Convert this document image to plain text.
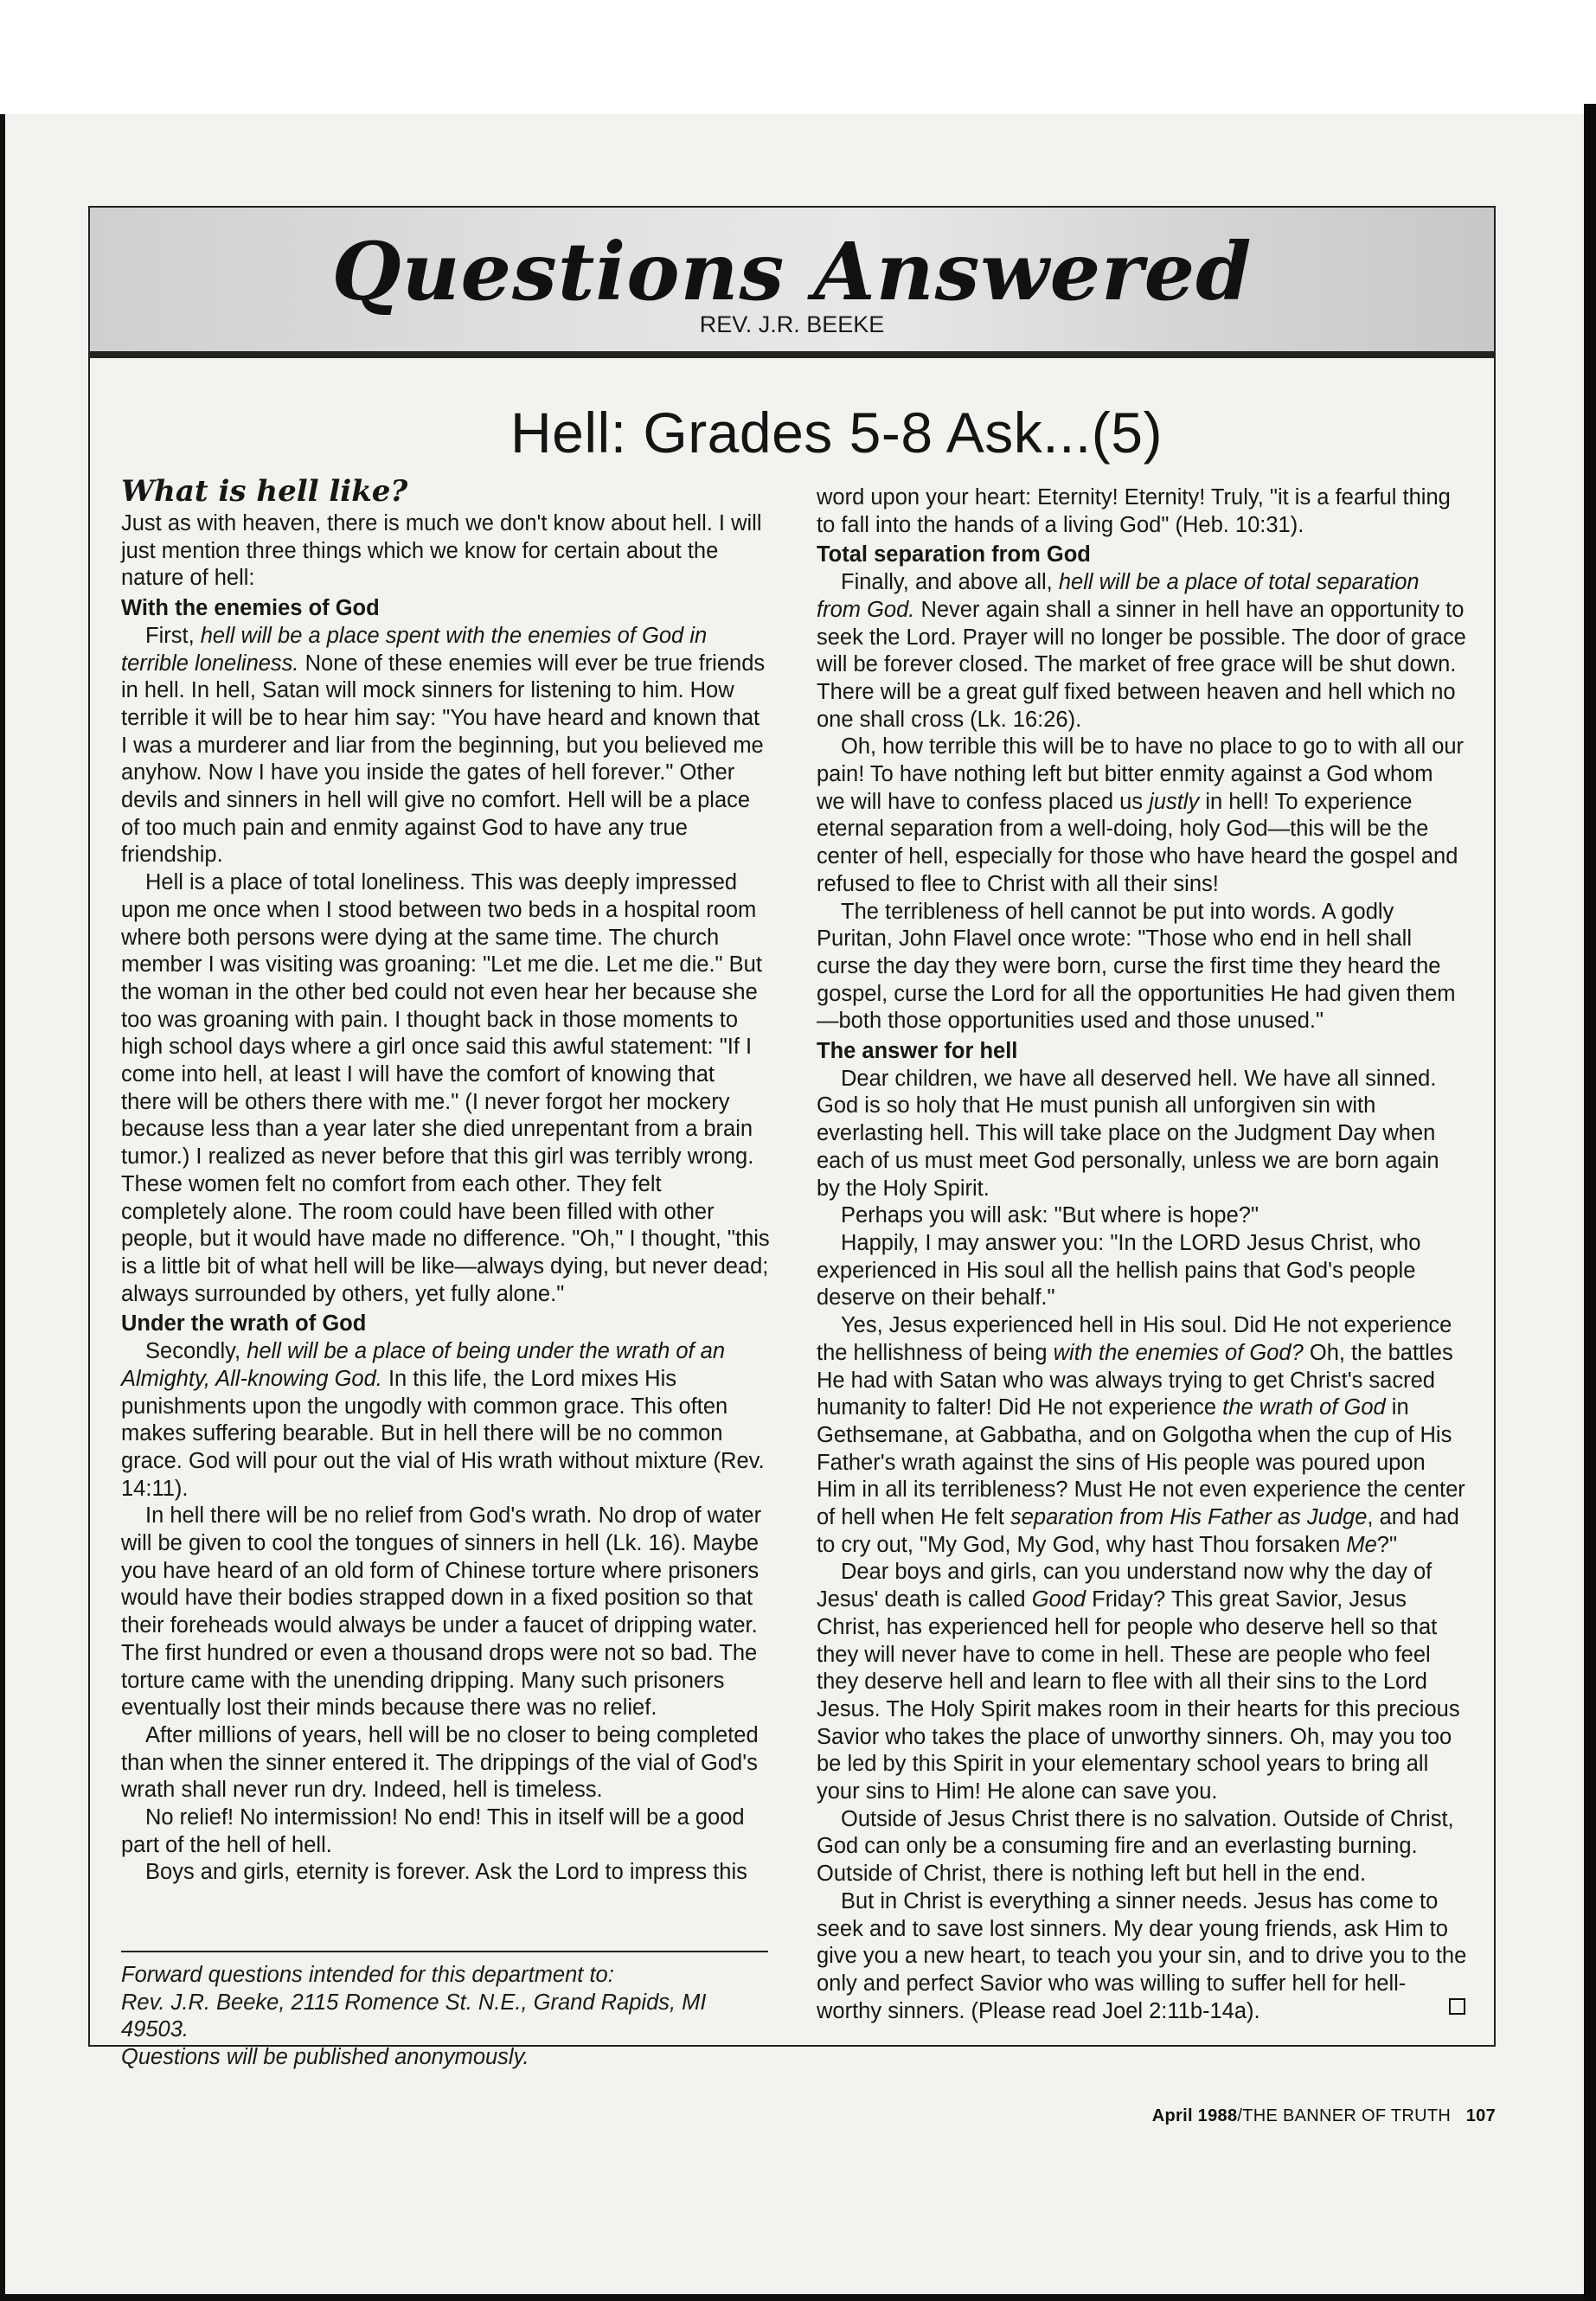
Questions Answered
REV. J.R. BEEKE
Hell: Grades 5-8 Ask...(5)
What is hell like?

Just as with heaven, there is much we don't know about hell. I will just mention three things which we know for certain about the nature of hell:

With the enemies of God

First, hell will be a place spent with the enemies of God in terrible loneliness. None of these enemies will ever be true friends in hell. In hell, Satan will mock sinners for listening to him. How terrible it will be to hear him say: "You have heard and known that I was a murderer and liar from the beginning, but you believed me anyhow. Now I have you inside the gates of hell forever." Other devils and sinners in hell will give no comfort. Hell will be a place of too much pain and enmity against God to have any true friendship.

Hell is a place of total loneliness. This was deeply impressed upon me once when I stood between two beds in a hospital room where both persons were dying at the same time. The church member I was visiting was groaning: "Let me die. Let me die." But the woman in the other bed could not even hear her because she too was groaning with pain. I thought back in those moments to high school days where a girl once said this awful statement: "If I come into hell, at least I will have the comfort of knowing that there will be others there with me." (I never forgot her mockery because less than a year later she died unrepentant from a brain tumor.) I realized as never before that this girl was terribly wrong. These women felt no comfort from each other. They felt completely alone. The room could have been filled with other people, but it would have made no difference. "Oh," I thought, "this is a little bit of what hell will be like—always dying, but never dead; always surrounded by others, yet fully alone."

Under the wrath of God

Secondly, hell will be a place of being under the wrath of an Almighty, All-knowing God. In this life, the Lord mixes His punishments upon the ungodly with common grace. This often makes suffering bearable. But in hell there will be no common grace. God will pour out the vial of His wrath without mixture (Rev. 14:11).

In hell there will be no relief from God's wrath. No drop of water will be given to cool the tongues of sinners in hell (Lk. 16). Maybe you have heard of an old form of Chinese torture where prisoners would have their bodies strapped down in a fixed position so that their foreheads would always be under a faucet of dripping water. The first hundred or even a thousand drops were not so bad. The torture came with the unending dripping. Many such prisoners eventually lost their minds because there was no relief.

After millions of years, hell will be no closer to being completed than when the sinner entered it. The drippings of the vial of God's wrath shall never run dry. Indeed, hell is timeless.

No relief! No intermission! No end! This in itself will be a good part of the hell of hell.

Boys and girls, eternity is forever. Ask the Lord to impress this

word upon your heart: Eternity! Eternity! Truly, "it is a fearful thing to fall into the hands of a living God" (Heb. 10:31).

Total separation from God

Finally, and above all, hell will be a place of total separation from God. Never again shall a sinner in hell have an opportunity to seek the Lord. Prayer will no longer be possible. The door of grace will be forever closed. The market of free grace will be shut down. There will be a great gulf fixed between heaven and hell which no one shall cross (Lk. 16:26).

Oh, how terrible this will be to have no place to go to with all our pain! To have nothing left but bitter enmity against a God whom we will have to confess placed us justly in hell! To experience eternal separation from a well-doing, holy God—this will be the center of hell, especially for those who have heard the gospel and refused to flee to Christ with all their sins!

The terribleness of hell cannot be put into words. A godly Puritan, John Flavel once wrote: "Those who end in hell shall curse the day they were born, curse the first time they heard the gospel, curse the Lord for all the opportunities He had given them—both those opportunities used and those unused."

The answer for hell

Dear children, we have all deserved hell. We have all sinned. God is so holy that He must punish all unforgiven sin with everlasting hell. This will take place on the Judgment Day when each of us must meet God personally, unless we are born again by the Holy Spirit.

Perhaps you will ask: "But where is hope?"

Happily, I may answer you: "In the LORD Jesus Christ, who experienced in His soul all the hellish pains that God's people deserve on their behalf."

Yes, Jesus experienced hell in His soul. Did He not experience the hellishness of being with the enemies of God? Oh, the battles He had with Satan who was always trying to get Christ's sacred humanity to falter! Did He not experience the wrath of God in Gethsemane, at Gabbatha, and on Golgotha when the cup of His Father's wrath against the sins of His people was poured upon Him in all its terribleness? Must He not even experience the center of hell when He felt separation from His Father as Judge, and had to cry out, "My God, My God, why hast Thou forsaken Me?"

Dear boys and girls, can you understand now why the day of Jesus' death is called Good Friday? This great Savior, Jesus Christ, has experienced hell for people who deserve hell so that they will never have to come in hell. These are people who feel they deserve hell and learn to flee with all their sins to the Lord Jesus. The Holy Spirit makes room in their hearts for this precious Savior who takes the place of unworthy sinners. Oh, may you too be led by this Spirit in your elementary school years to bring all your sins to Him! He alone can save you.

Outside of Jesus Christ there is no salvation. Outside of Christ, God can only be a consuming fire and an everlasting burning. Outside of Christ, there is nothing left but hell in the end.

But in Christ is everything a sinner needs. Jesus has come to seek and to save lost sinners. My dear young friends, ask Him to give you a new heart, to teach you your sin, and to drive you to the only and perfect Savior who was willing to suffer hell for hell-worthy sinners. (Please read Joel 2:11b-14a).

Forward questions intended for this department to:
Rev. J.R. Beeke, 2115 Romence St. N.E., Grand Rapids, MI 49503.
Questions will be published anonymously.
April 1988/THE BANNER OF TRUTH 107
